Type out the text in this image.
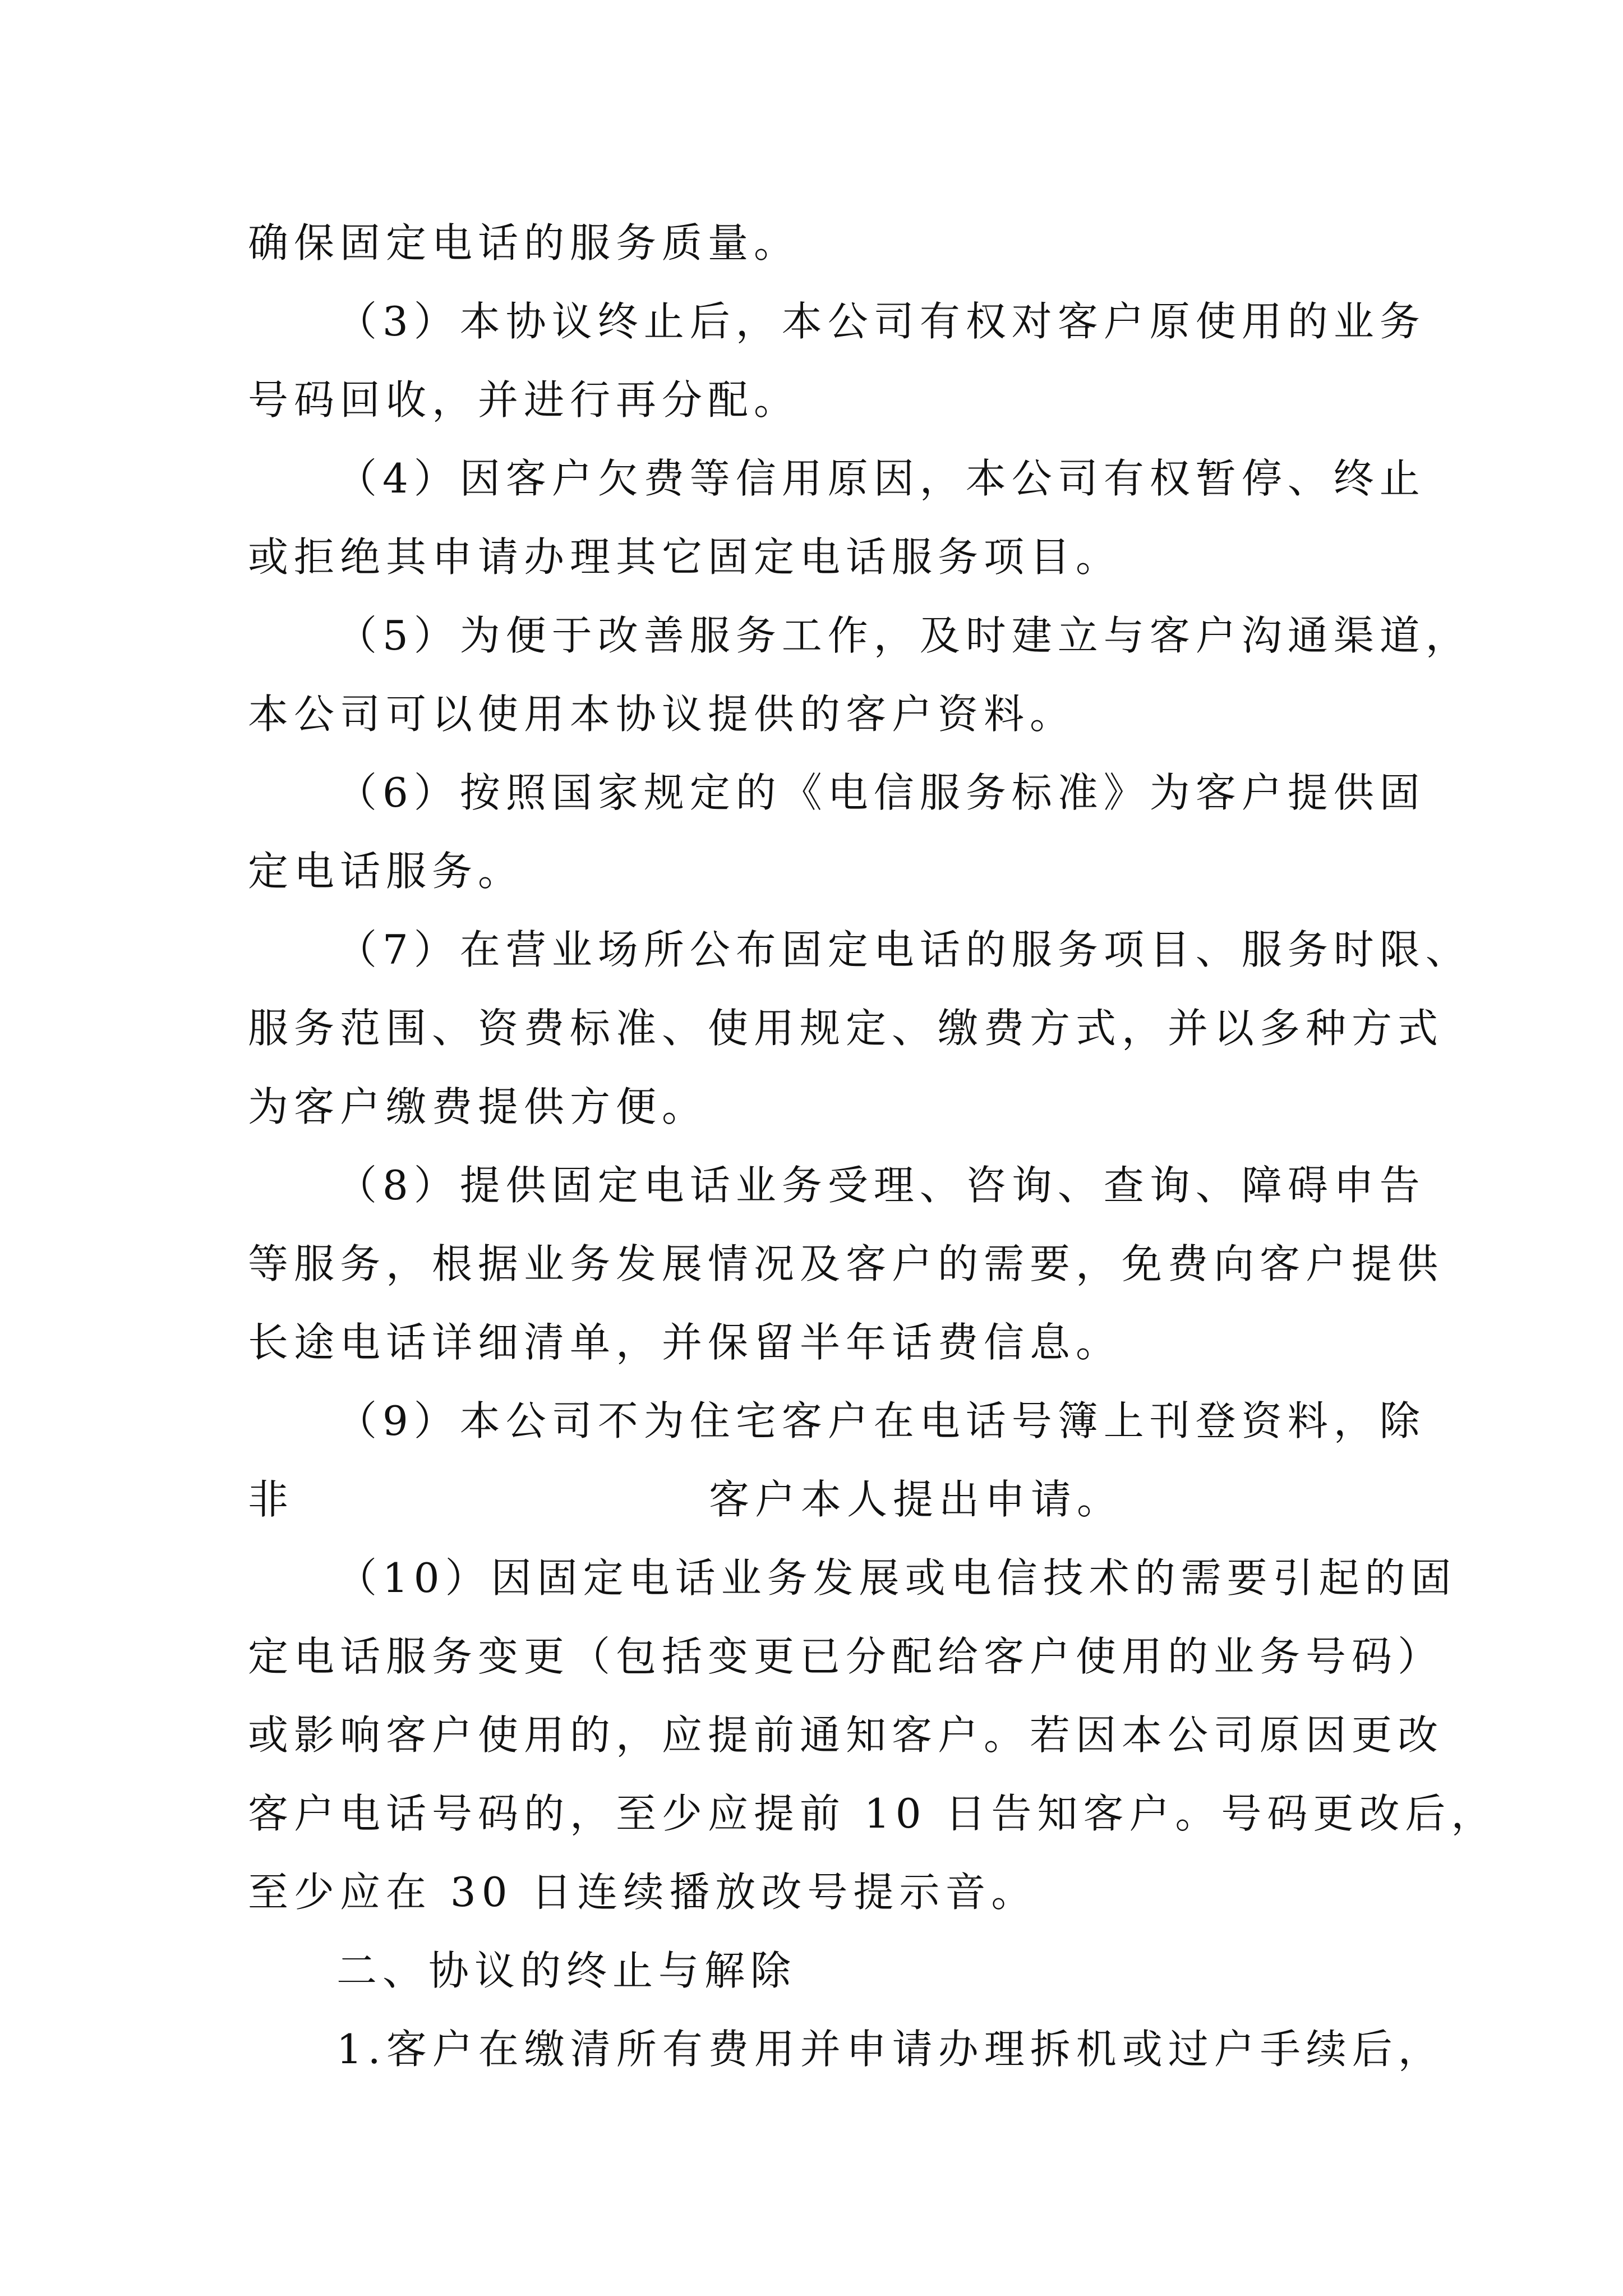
确保固定电话的服务质量。
（3）本协议终止后，本公司有权对客户原使用的业务
号码回收，并进行再分配。
（4）因客户欠费等信用原因，本公司有权暂停、终止
或拒绝其申请办理其它固定电话服务项目。
（5）为便于改善服务工作，及时建立与客户沟通渠道，
本公司可以使用本协议提供的客户资料。
（6）按照国家规定的《电信服务标准》为客户提供固
定电话服务。
（7）在营业场所公布固定电话的服务项目、服务时限、
服务范围、资费标准、使用规定、缴费方式，并以多种方式
为客户缴费提供方便。
（8）提供固定电话业务受理、咨询、查询、障碍申告
等服务，根据业务发展情况及客户的需要，免费向客户提供
长途电话详细清单，并保留半年话费信息。
（9）本公司不为住宅客户在电话号簿上刊登资料，除
非	客户本人提出申请。
（10）因固定电话业务发展或电信技术的需要引起的固
定电话服务变更（包括变更已分配给客户使用的业务号码）
或影响客户使用的，应提前通知客户。若因本公司原因更改
客户电话号码的，至少应提前 10 日告知客户。号码更改后，
至少应在 30 日连续播放改号提示音。
二、协议的终止与解除
1.客户在缴清所有费用并申请办理拆机或过户手续后，
